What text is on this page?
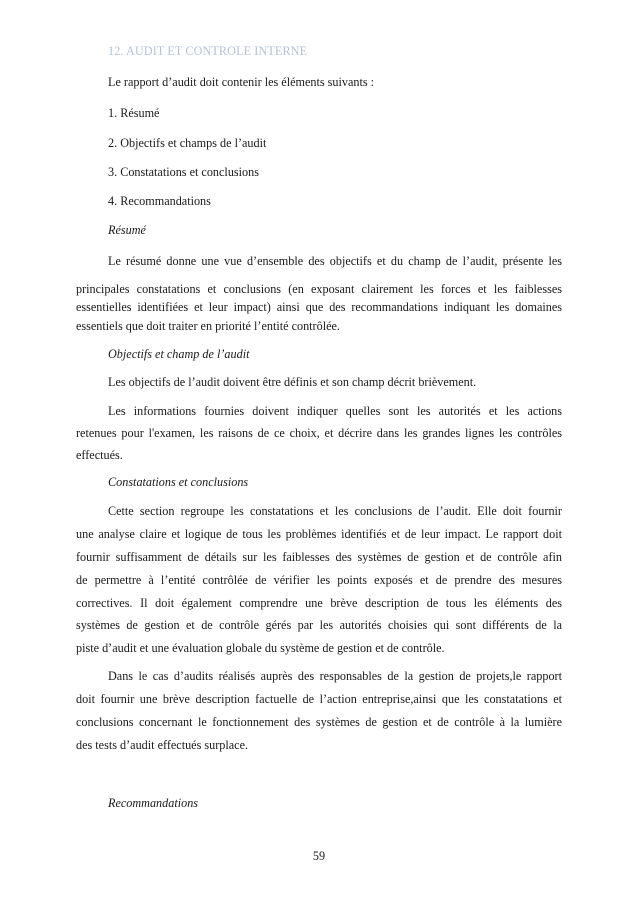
12. AUDIT ET CONTROLE INTERNE
Le rapport d’audit doit contenir les éléments suivants :
1. Résumé
2. Objectifs et champs de l’audit
3. Constatations et conclusions
4. Recommandations
Résumé
Le résumé donne une vue d’ensemble des objectifs et du champ de l’audit, présente les
principales constatations et conclusions (en exposant clairement les forces et les faiblesses
essentielles identifiées et leur impact) ainsi que des recommandations indiquant les domaines
essentiels que doit traiter en priorité l’entité contrôlée.
Objectifs et champ de l’audit
Les objectifs de l’audit doivent être définis et son champ décrit brièvement.
Les informations fournies doivent indiquer quelles sont les autorités et les actions
retenues pour l'examen, les raisons de ce choix, et décrire dans les grandes lignes les contrôles
effectués.
Constatations et conclusions
Cette section regroupe les constatations et les conclusions de l’audit. Elle doit fournir
une analyse claire et logique de tous les problèmes identifiés et de leur impact. Le rapport doit
fournir suffisamment de détails sur les faiblesses des systèmes de gestion et de contrôle afin
de permettre à l’entité contrôlée de vérifier les points exposés et de prendre des mesures
correctives. Il doit également comprendre une brève description de tous les éléments des
systèmes de gestion et de contrôle gérés par les autorités choisies qui sont différents de la
piste d’audit et une évaluation globale du système de gestion et de contrôle.
Dans le cas d’audits réalisés auprès des responsables de la gestion de projets,le rapport
doit fournir une brève description factuelle de l’action entreprise,ainsi que les constatations et
conclusions concernant le fonctionnement des systèmes de gestion et de contrôle à la lumière
des tests d’audit effectués surplace.
Recommandations
59
